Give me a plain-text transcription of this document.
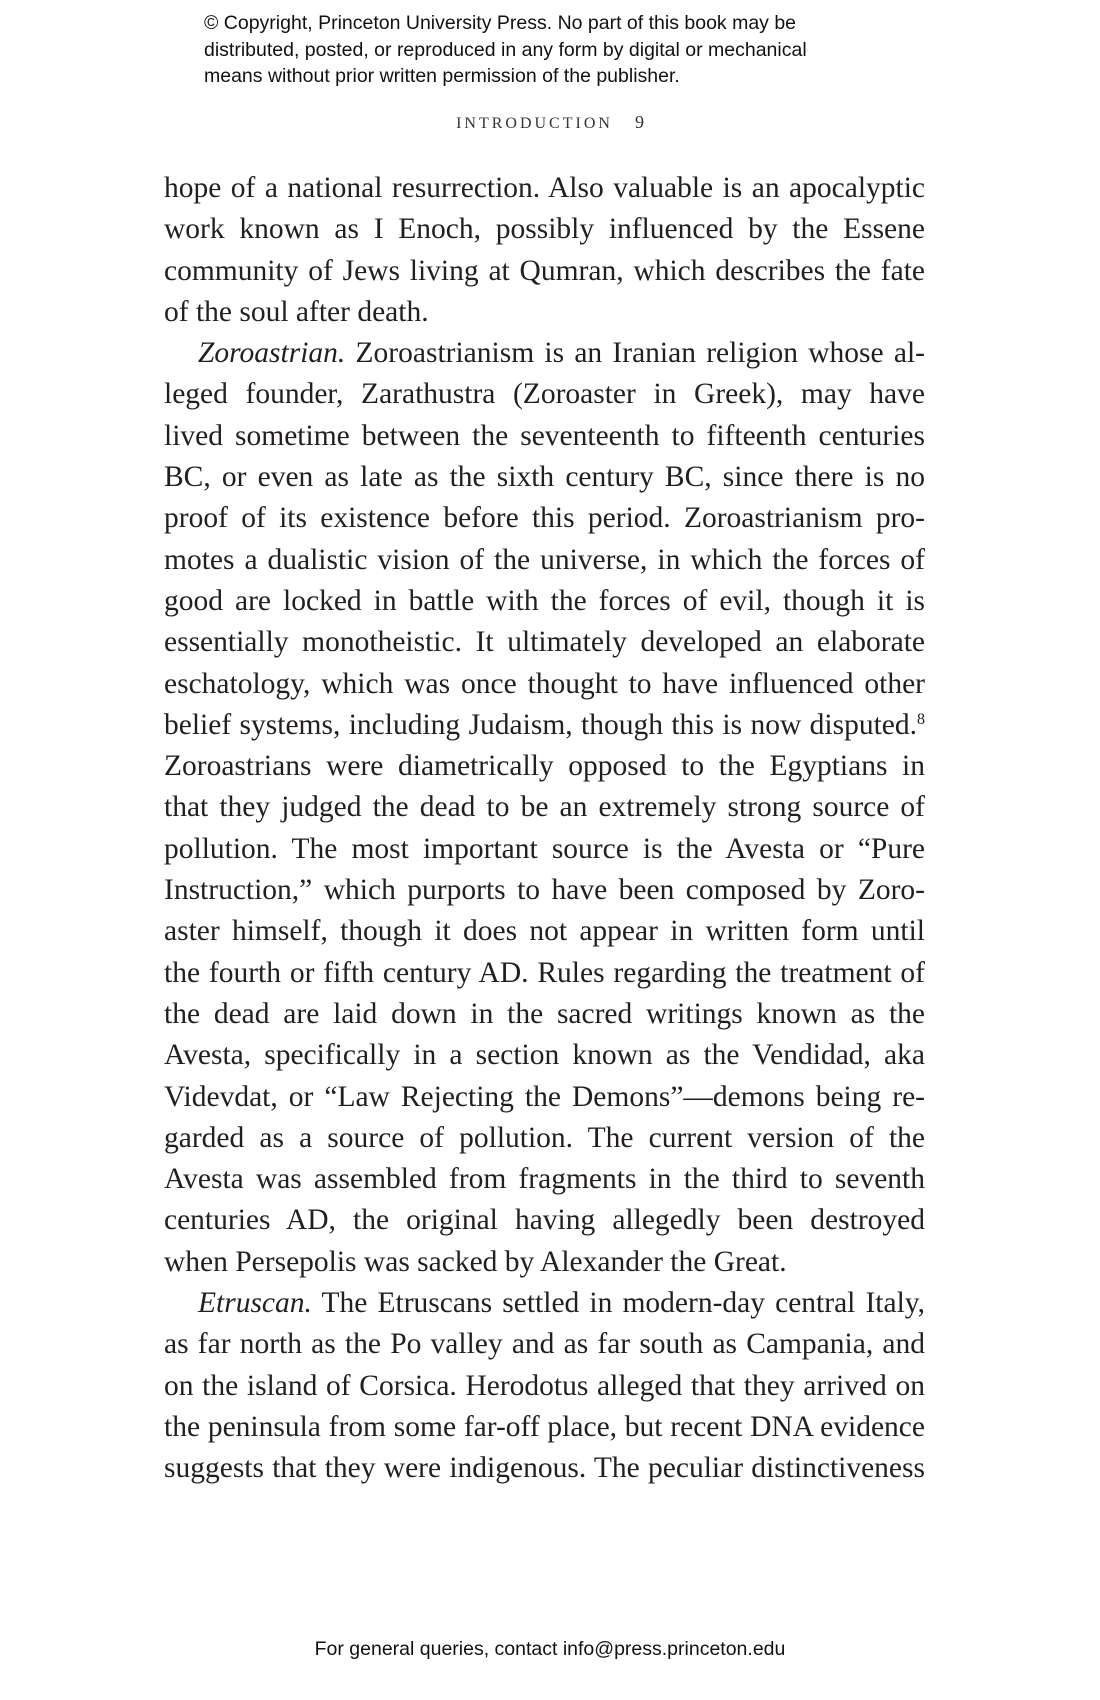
© Copyright, Princeton University Press. No part of this book may be
distributed, posted, or reproduced in any form by digital or mechanical
means without prior written permission of the publisher.
INTRODUCTION 9
hope of a national resurrection. Also valuable is an apocalyptic
work known as I Enoch, possibly influenced by the Essene
community of Jews living at Qumran, which describes the fate
of the soul after death.
Zoroastrian. Zoroastrianism is an Iranian religion whose al-
leged founder, Zarathustra (Zoroaster in Greek), may have
lived sometime between the seventeenth to fifteenth centuries
BC, or even as late as the sixth century BC, since there is no
proof of its existence before this period. Zoroastrianism pro-
motes a dualistic vision of the universe, in which the forces of
good are locked in battle with the forces of evil, though it is
essentially monotheistic. It ultimately developed an elaborate
eschatology, which was once thought to have influenced other
belief systems, including Judaism, though this is now disputed.$^8$
Zoroastrians were diametrically opposed to the Egyptians in
that they judged the dead to be an extremely strong source of
pollution. The most important source is the Avesta or “Pure
Instruction,” which purports to have been composed by Zoro-
aster himself, though it does not appear in written form until
the fourth or fifth century AD. Rules regarding the treatment of
the dead are laid down in the sacred writings known as the
Avesta, specifically in a section known as the Vendidad, aka
Videvdat, or “Law Rejecting the Demons”—demons being re-
garded as a source of pollution. The current version of the
Avesta was assembled from fragments in the third to seventh
centuries AD, the original having allegedly been destroyed
when Persepolis was sacked by Alexander the Great.
Etruscan. The Etruscans settled in modern-day central Italy,
as far north as the Po valley and as far south as Campania, and
on the island of Corsica. Herodotus alleged that they arrived on
the peninsula from some far-off place, but recent DNA evidence
suggests that they were indigenous. The peculiar distinctiveness
For general queries, contact info@press.princeton.edu
